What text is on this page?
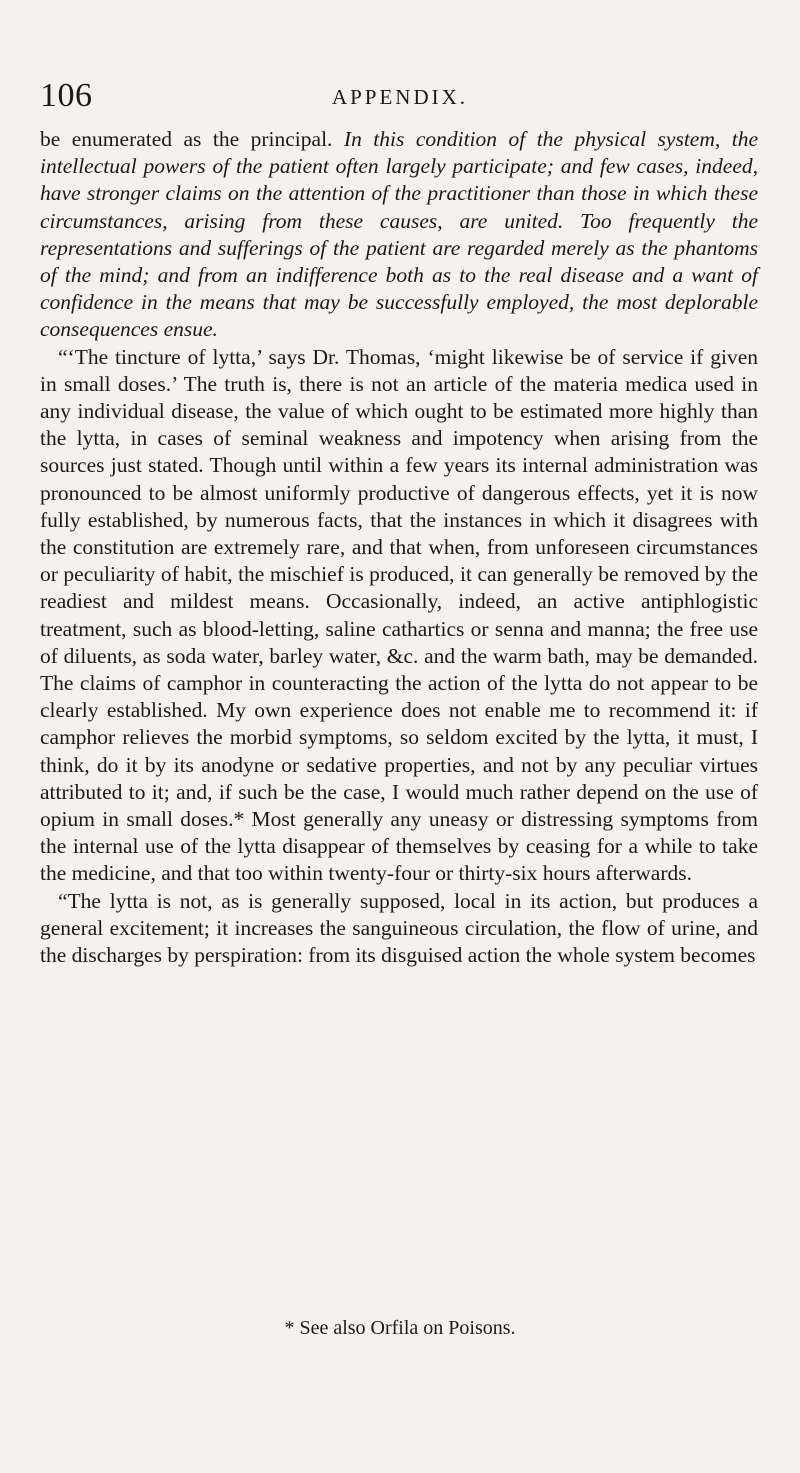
106	APPENDIX.

be enumerated as the principal. In this condition of the physical system, the intellectual powers of the patient often largely participate; and few cases, indeed, have stronger claims on the attention of the practitioner than those in which these circumstances, arising from these causes, are united. Too frequently the representations and sufferings of the patient are regarded merely as the phantoms of the mind; and from an indifference both as to the real disease and a want of confidence in the means that may be successfully employed, the most deplorable consequences ensue.

“‘The tincture of lytta,’ says Dr. Thomas, ‘might likewise be of service if given in small doses.’ The truth is, there is not an article of the materia medica used in any individual disease, the value of which ought to be estimated more highly than the lytta, in cases of seminal weakness and impotency when arising from the sources just stated. Though until within a few years its internal administration was pronounced to be almost uniformly productive of dangerous effects, yet it is now fully established, by numerous facts, that the instances in which it disagrees with the constitution are extremely rare, and that when, from unforeseen circumstances or peculiarity of habit, the mischief is produced, it can generally be removed by the readiest and mildest means. Occasionally, indeed, an active antiphlogistic treatment, such as blood-letting, saline cathartics or senna and manna; the free use of diluents, as soda water, barley water, &c. and the warm bath, may be demanded. The claims of camphor in counteracting the action of the lytta do not appear to be clearly established. My own experience does not enable me to recommend it: if camphor relieves the morbid symptoms, so seldom excited by the lytta, it must, I think, do it by its anodyne or sedative properties, and not by any peculiar virtues attributed to it; and, if such be the case, I would much rather depend on the use of opium in small doses.* Most generally any uneasy or distressing symptoms from the internal use of the lytta disappear of themselves by ceasing for a while to take the medicine, and that too within twenty-four or thirty-six hours afterwards.

“The lytta is not, as is generally supposed, local in its action, but produces a general excitement; it increases the sanguineous circulation, the flow of urine, and the discharges by perspiration: from its disguised action the whole system becomes

* See also Orfila on Poisons.
